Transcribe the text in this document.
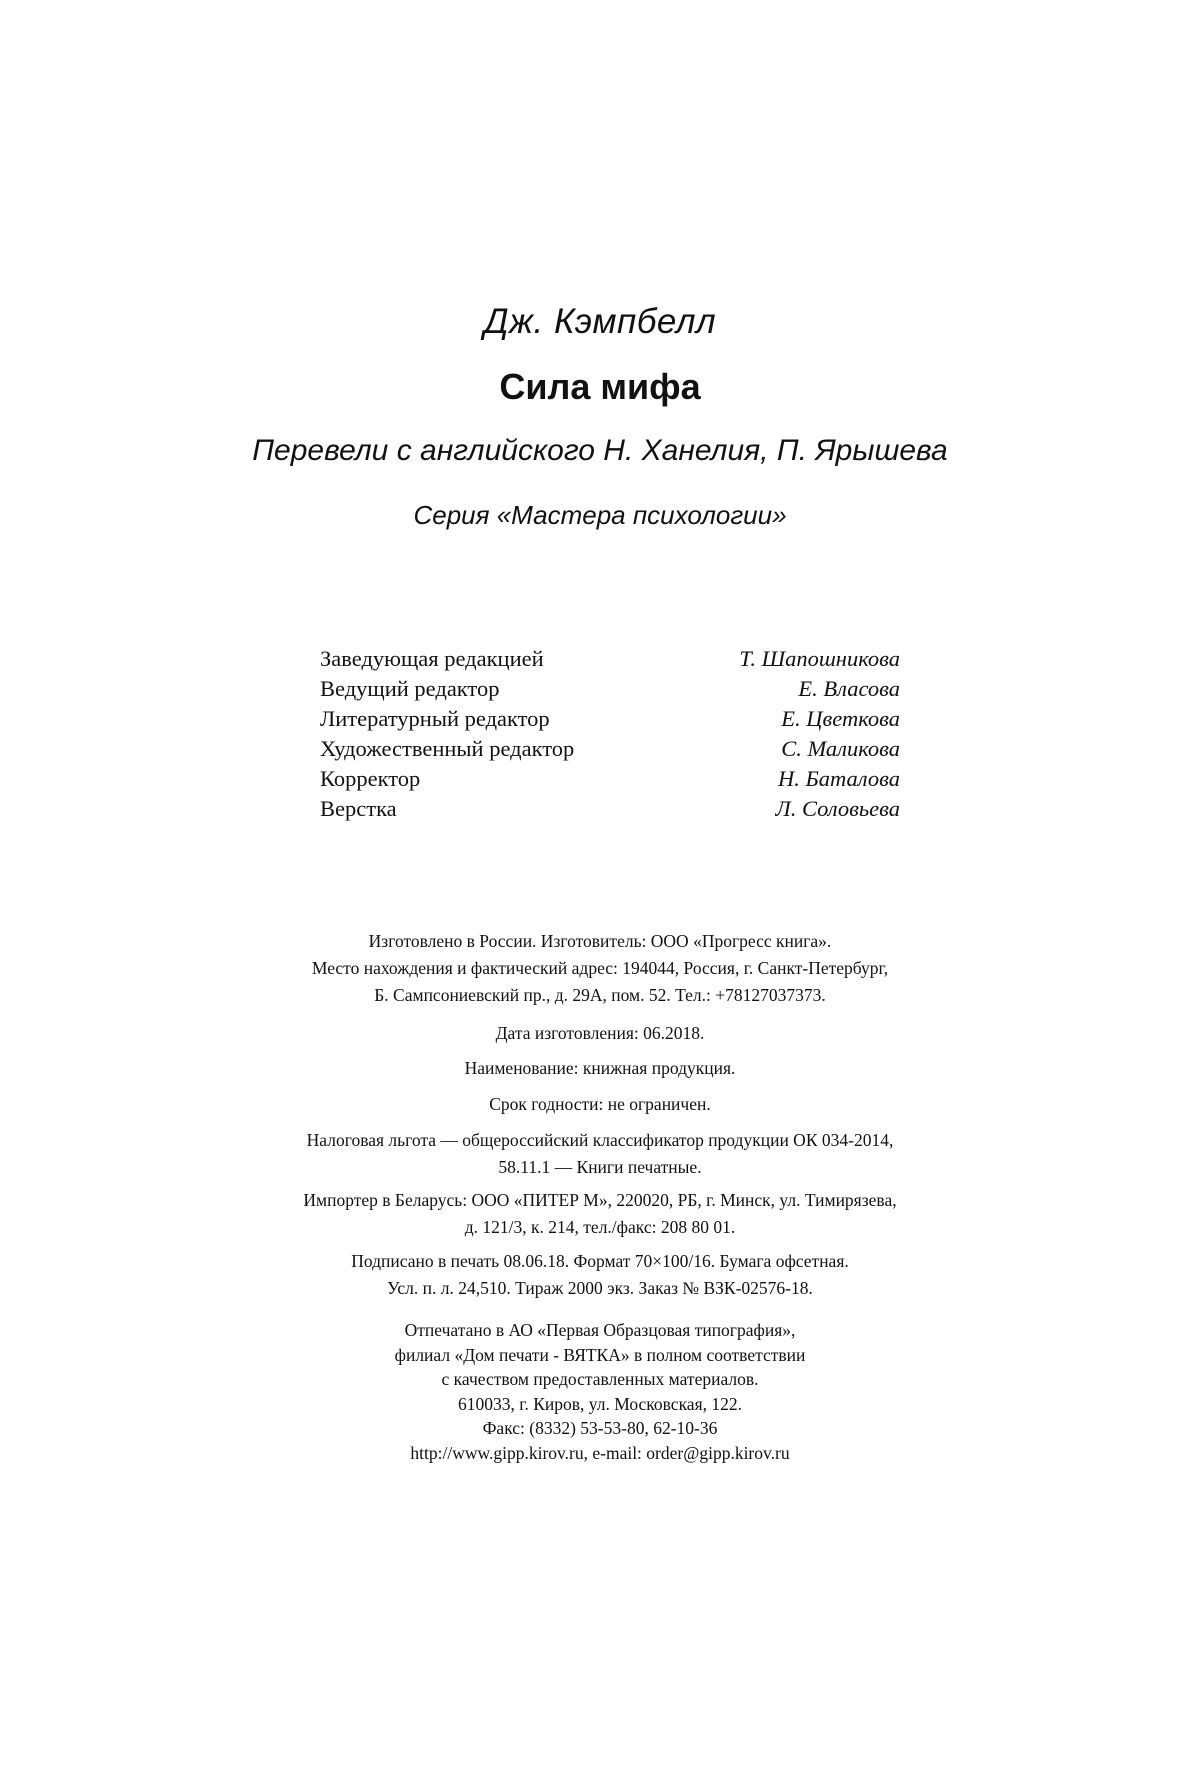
Дж. Кэмпбелл
Сила мифа
Перевели с английского Н. Ханелия, П. Ярышева
Серия «Мастера психологии»
Заведующая редакцией	Т. Шапошникова
Ведущий редактор	Е. Власова
Литературный редактор	Е. Цветкова
Художественный редактор	С. Маликова
Корректор	Н. Баталова
Верстка	Л. Соловьева
Изготовлено в России. Изготовитель: ООО «Прогресс книга».
Место нахождения и фактический адрес: 194044, Россия, г. Санкт-Петербург,
Б. Сампсониевский пр., д. 29А, пом. 52. Тел.: +78127037373.
Дата изготовления: 06.2018.
Наименование: книжная продукция.
Срок годности: не ограничен.
Налоговая льгота — общероссийский классификатор продукции ОК 034-2014,
58.11.1 — Книги печатные.
Импортер в Беларусь: ООО «ПИТЕР М», 220020, РБ, г. Минск, ул. Тимирязева,
д. 121/3, к. 214, тел./факс: 208 80 01.
Подписано в печать 08.06.18. Формат 70×100/16. Бумага офсетная.
Усл. п. л. 24,510. Тираж 2000 экз. Заказ № ВЗК-02576-18.
Отпечатано в АО «Первая Образцовая типография»,
филиал «Дом печати - ВЯТКА» в полном соответствии
с качеством предоставленных материалов.
610033, г. Киров, ул. Московская, 122.
Факс: (8332) 53-53-80, 62-10-36
http://www.gipp.kirov.ru, e-mail: order@gipp.kirov.ru
